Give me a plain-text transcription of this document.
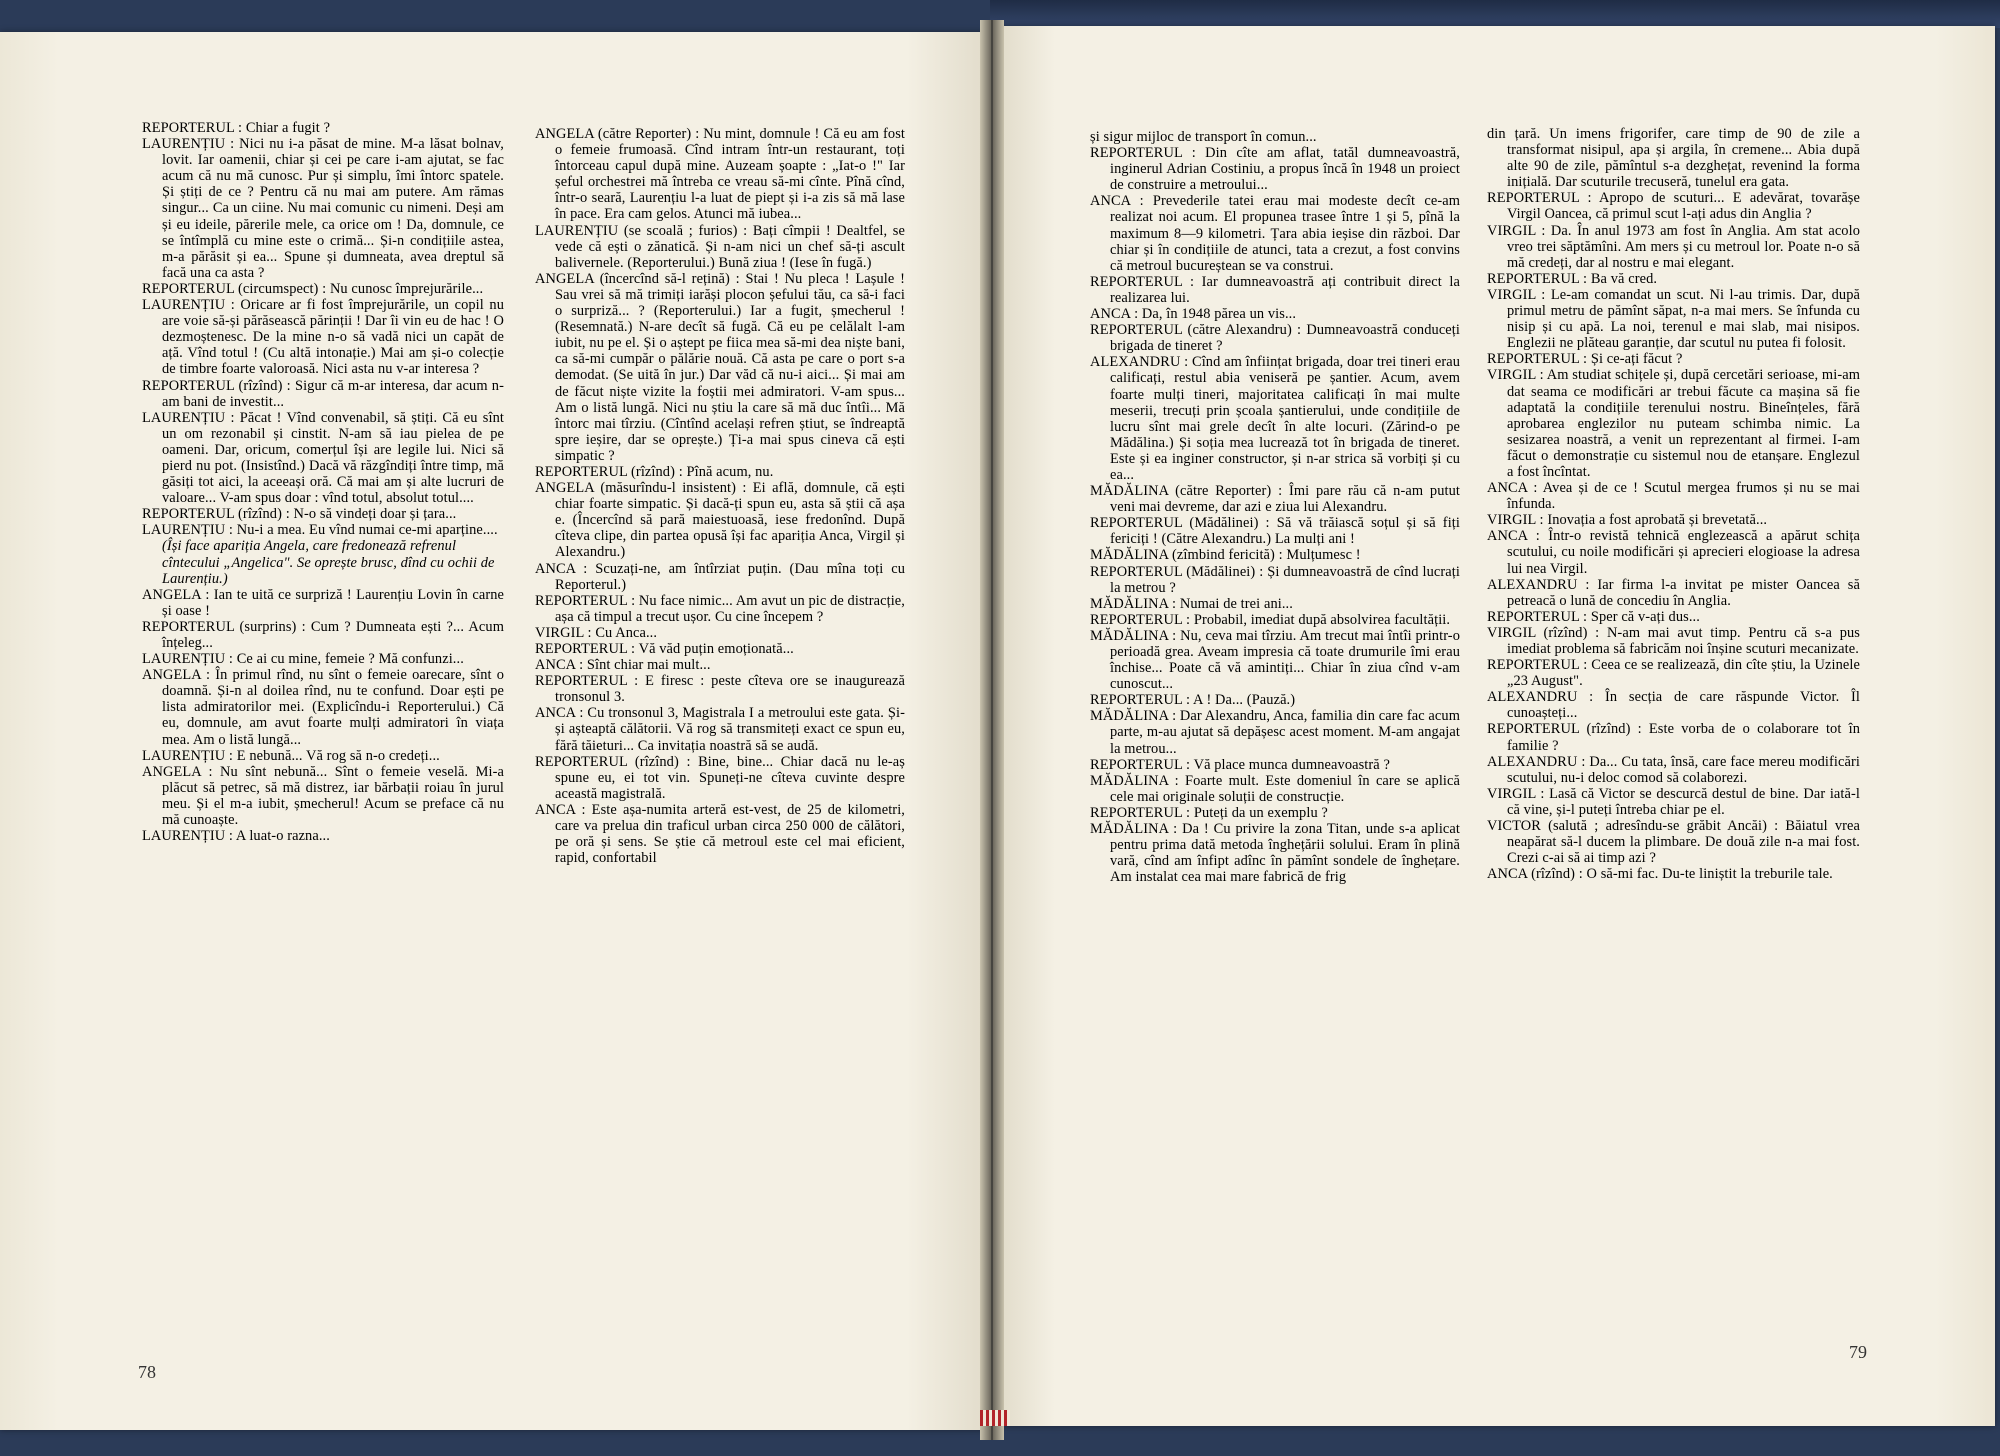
78
79

REPORTERUL : Chiar a fugit ?

LAURENȚIU : Nici nu i-a păsat de mine. M-a lăsat bolnav, lovit. Iar oamenii, chiar și cei pe care i-am ajutat, se fac acum că nu mă cunosc. Pur și simplu, îmi întorc spatele. Și știți de ce ? Pentru că nu mai am putere. Am rămas singur... Ca un ciine. Nu mai comunic cu nimeni. Deși am și eu ideile, părerile mele, ca orice om ! Da, domnule, ce se întîmplă cu mine este o crimă... Și-n condițiile astea, m-a părăsit și ea... Spune și dumneata, avea dreptul să facă una ca asta ?

REPORTERUL (circumspect) : Nu cunosc împrejurările...

LAURENȚIU : Oricare ar fi fost împrejurările, un copil nu are voie să-și părăsească părinții ! Dar îi vin eu de hac ! O dezmoștenesc. De la mine n-o să vadă nici un capăt de ață. Vînd totul ! (Cu altă intonație.) Mai am și-o colecție de timbre foarte valoroasă. Nici asta nu v-ar interesa ?

REPORTERUL (rîzînd) : Sigur că m-ar interesa, dar acum n-am bani de investit...

LAURENȚIU : Păcat ! Vînd convenabil, să știți. Că eu sînt un om rezonabil și cinstit. N-am să iau pielea de pe oameni. Dar, oricum, comerțul își are legile lui. Nici să pierd nu pot. (Insistînd.) Dacă vă răzgîndiți între timp, mă găsiți tot aici, la aceeași oră. Că mai am și alte lucruri de valoare... V-am spus doar : vînd totul, absolut totul....

REPORTERUL (rîzînd) : N-o să vindeți doar și țara...

LAURENȚIU : Nu-i a mea. Eu vînd numai ce-mi aparține....

(Își face apariția Angela, care fredonează refrenul cîntecului „Angelica". Se oprește brusc, dînd cu ochii de Laurențiu.)

ANGELA : Ian te uită ce surpriză ! Laurențiu Lovin în carne și oase !

REPORTERUL (surprins) : Cum ? Dumneata ești ?... Acum înțeleg...

LAURENȚIU : Ce ai cu mine, femeie ? Mă confunzi...

ANGELA : În primul rînd, nu sînt o femeie oarecare, sînt o doamnă. Și-n al doilea rînd, nu te confund. Doar ești pe lista admiratorilor mei. (Explicîndu-i Reporterului.) Că eu, domnule, am avut foarte mulți admiratori în viața mea. Am o listă lungă...

LAURENȚIU : E nebună... Vă rog să n-o credeți...

ANGELA : Nu sînt nebună... Sînt o femeie veselă. Mi-a plăcut să petrec, să mă distrez, iar bărbații roiau în jurul meu. Și el m-a iubit, șmecherul! Acum se preface că nu mă cunoaște.

LAURENȚIU : A luat-o razna...

ANGELA (către Reporter) : Nu mint, domnule ! Că eu am fost o femeie frumoasă. Cînd intram într-un restaurant, toți întorceau capul după mine. Auzeam șoapte : „Iat-o !" Iar șeful orchestrei mă întreba ce vreau să-mi cînte. Pînă cînd, într-o seară, Laurențiu l-a luat de piept și i-a zis să mă lase în pace. Era cam gelos. Atunci mă iubea...

LAURENȚIU (se scoală ; furios) : Bați cîmpii ! Dealtfel, se vede că ești o zănatică. Și n-am nici un chef să-ți ascult balivernele. (Reporterului.) Bună ziua ! (Iese în fugă.)

ANGELA (încercînd să-l rețină) : Stai ! Nu pleca ! Lașule ! Sau vrei să mă trimiți iarăși plocon șefului tău, ca să-i faci o surpriză... ? (Reporterului.) Iar a fugit, șmecherul ! (Resemnată.) N-are decît să fugă. Că eu pe celălalt l-am iubit, nu pe el. Și o aștept pe fiica mea să-mi dea niște bani, ca să-mi cumpăr o pălărie nouă. Că asta pe care o port s-a demodat. (Se uită în jur.) Dar văd că nu-i aici... Și mai am de făcut niște vizite la foștii mei admiratori. V-am spus... Am o listă lungă. Nici nu știu la care să mă duc întîi... Mă întorc mai tîrziu. (Cîntînd același refren știut, se îndreaptă spre ieșire, dar se oprește.) Ți-a mai spus cineva că ești simpatic ?

REPORTERUL (rîzînd) : Pînă acum, nu.

ANGELA (măsurîndu-l insistent) : Ei află, domnule, că ești chiar foarte simpatic. Și dacă-ți spun eu, asta să știi că așa e. (Încercînd să pară maiestuoasă, iese fredonînd. După cîteva clipe, din partea opusă își fac apariția Anca, Virgil și Alexandru.)

ANCA : Scuzați-ne, am întîrziat puțin. (Dau mîna toți cu Reporterul.)

REPORTERUL : Nu face nimic... Am avut un pic de distracție, așa că timpul a trecut ușor. Cu cine începem ?

VIRGIL : Cu Anca...

REPORTERUL : Vă văd puțin emoționată...

ANCA : Sînt chiar mai mult...

REPORTERUL : E firesc : peste cîteva ore se inaugurează tronsonul 3.

ANCA : Cu tronsonul 3, Magistrala I a metroului este gata. Și-și așteaptă călătorii. Vă rog să transmiteți exact ce spun eu, fără tăieturi... Ca invitația noastră să se audă.

REPORTERUL (rîzînd) : Bine, bine... Chiar dacă nu le-aș spune eu, ei tot vin. Spuneți-ne cîteva cuvinte despre această magistrală.

ANCA : Este așa-numita arteră est-vest, de 25 de kilometri, care va prelua din traficul urban circa 250 000 de călători, pe oră și sens. Se știe că metroul este cel mai eficient, rapid, confortabil

și sigur mijloc de transport în comun...

REPORTERUL : Din cîte am aflat, tatăl dumneavoastră, inginerul Adrian Costiniu, a propus încă în 1948 un proiect de construire a metroului...

ANCA : Prevederile tatei erau mai modeste decît ce-am realizat noi acum. El propunea trasee între 1 și 5, pînă la maximum 8—9 kilometri. Țara abia ieșise din război. Dar chiar și în condițiile de atunci, tata a crezut, a fost convins că metroul bucureștean se va construi.

REPORTERUL : Iar dumneavoastră ați contribuit direct la realizarea lui.

ANCA : Da, în 1948 părea un vis...

REPORTERUL (către Alexandru) : Dumneavoastră conduceți brigada de tineret ?

ALEXANDRU : Cînd am înființat brigada, doar trei tineri erau calificați, restul abia veniseră pe șantier. Acum, avem foarte mulți tineri, majoritatea calificați în mai multe meserii, trecuți prin școala șantierului, unde condițiile de lucru sînt mai grele decît în alte locuri. (Zărind-o pe Mădălina.) Și soția mea lucrează tot în brigada de tineret. Este și ea inginer constructor, și n-ar strica să vorbiți și cu ea...

MĂDĂLINA (către Reporter) : Îmi pare rău că n-am putut veni mai devreme, dar azi e ziua lui Alexandru.

REPORTERUL (Mădălinei) : Să vă trăiască soțul și să fiți fericiți ! (Către Alexandru.) La mulți ani !

MĂDĂLINA (zîmbind fericită) : Mulțumesc !

REPORTERUL (Mădălinei) : Și dumneavoastră de cînd lucrați la metrou ?

MĂDĂLINA : Numai de trei ani...

REPORTERUL : Probabil, imediat după absolvirea facultății.

MĂDĂLINA : Nu, ceva mai tîrziu. Am trecut mai întîi printr-o perioadă grea. Aveam impresia că toate drumurile îmi erau închise... Poate că vă amintiți... Chiar în ziua cînd v-am cunoscut...

REPORTERUL : A ! Da... (Pauză.)

MĂDĂLINA : Dar Alexandru, Anca, familia din care fac acum parte, m-au ajutat să depășesc acest moment. M-am angajat la metrou...

REPORTERUL : Vă place munca dumneavoastră ?

MĂDĂLINA : Foarte mult. Este domeniul în care se aplică cele mai originale soluții de construcție.

REPORTERUL : Puteți da un exemplu ?

MĂDĂLINA : Da ! Cu privire la zona Titan, unde s-a aplicat pentru prima dată metoda înghețării solului. Eram în plină vară, cînd am înfipt adînc în pămînt sondele de înghețare. Am instalat cea mai mare fabrică de frig

din țară. Un imens frigorifer, care timp de 90 de zile a transformat nisipul, apa și argila, în cremene... Abia după alte 90 de zile, pămîntul s-a dezghețat, revenind la forma inițială. Dar scuturile trecuseră, tunelul era gata.

REPORTERUL : Apropo de scuturi... E adevărat, tovarășe Virgil Oancea, că primul scut l-ați adus din Anglia ?

VIRGIL : Da. În anul 1973 am fost în Anglia. Am stat acolo vreo trei săptămîni. Am mers și cu metroul lor. Poate n-o să mă credeți, dar al nostru e mai elegant.

REPORTERUL : Ba vă cred.

VIRGIL : Le-am comandat un scut. Ni l-au trimis. Dar, după primul metru de pămînt săpat, n-a mai mers. Se înfunda cu nisip și cu apă. La noi, terenul e mai slab, mai nisipos. Englezii ne plăteau garanție, dar scutul nu putea fi folosit.

REPORTERUL : Și ce-ați făcut ?

VIRGIL : Am studiat schițele și, după cercetări serioase, mi-am dat seama ce modificări ar trebui făcute ca mașina să fie adaptată la condițiile terenului nostru. Bineînțeles, fără aprobarea englezilor nu puteam schimba nimic. La sesizarea noastră, a venit un reprezentant al firmei. I-am făcut o demonstrație cu sistemul nou de etanșare. Englezul a fost încîntat.

ANCA : Avea și de ce ! Scutul mergea frumos și nu se mai înfunda.

VIRGIL : Inovația a fost aprobată și brevetată...

ANCA : Într-o revistă tehnică englezească a apărut schița scutului, cu noile modificări și aprecieri elogioase la adresa lui nea Virgil.

ALEXANDRU : Iar firma l-a invitat pe mister Oancea să petreacă o lună de concediu în Anglia.

REPORTERUL : Sper că v-ați dus...

VIRGIL (rîzînd) : N-am mai avut timp. Pentru că s-a pus imediat problema să fabricăm noi înșine scuturi mecanizate.

REPORTERUL : Ceea ce se realizează, din cîte știu, la Uzinele „23 August".

ALEXANDRU : În secția de care răspunde Victor. Îl cunoașteți...

REPORTERUL (rîzînd) : Este vorba de o colaborare tot în familie ?

ALEXANDRU : Da... Cu tata, însă, care face mereu modificări scutului, nu-i deloc comod să colaborezi.

VIRGIL : Lasă că Victor se descurcă destul de bine. Dar iată-l că vine, și-l puteți întreba chiar pe el.

VICTOR (salută ; adresîndu-se grăbit Ancăi) : Băiatul vrea neapărat să-l ducem la plimbare. De două zile n-a mai fost. Crezi c-ai să ai timp azi ?

ANCA (rîzînd) : O să-mi fac. Du-te liniștit la treburile tale.
